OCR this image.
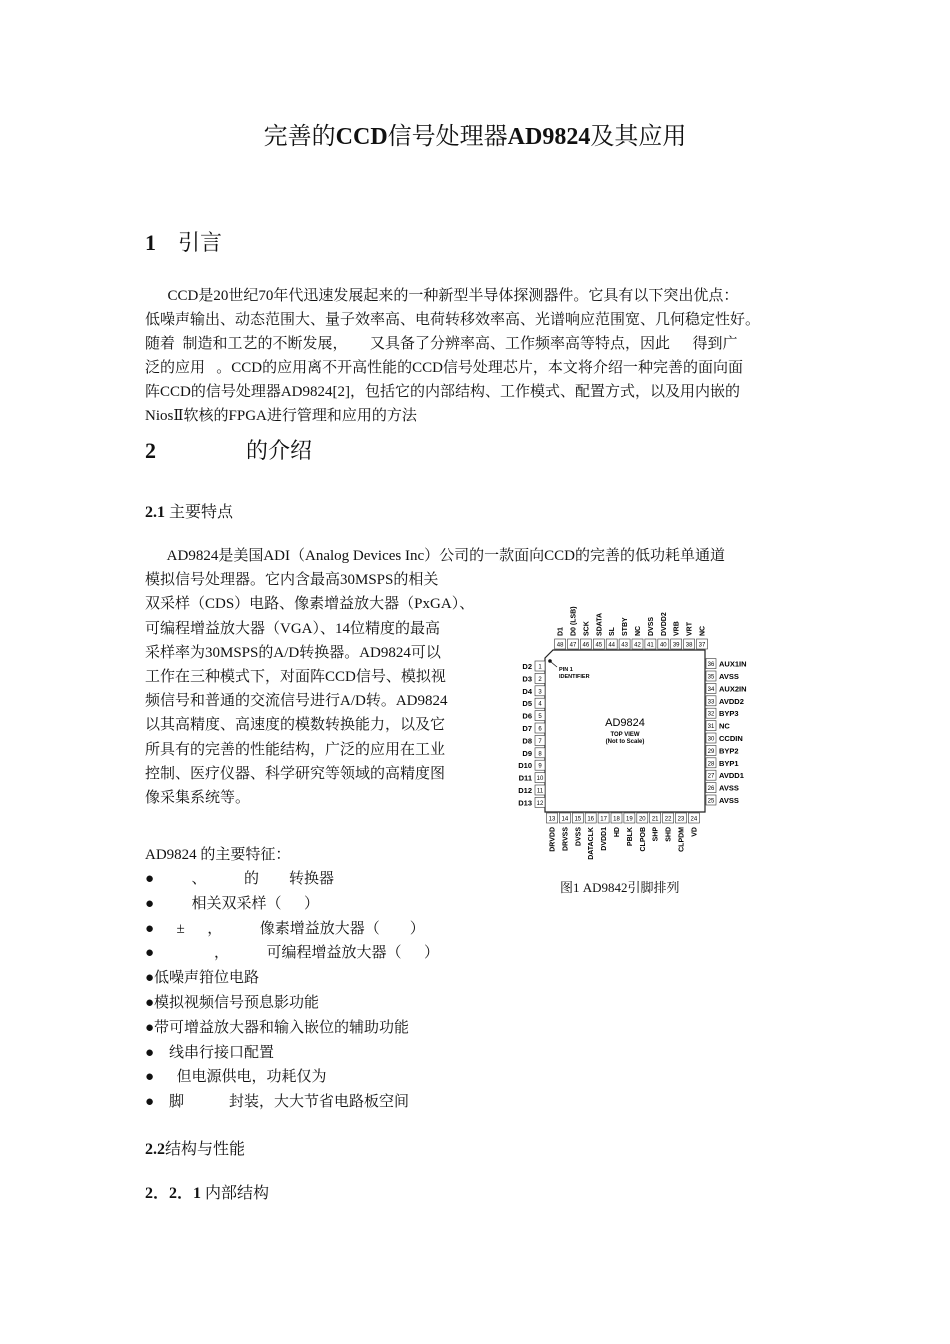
完善的CCD信号处理器AD9824及其应用
1 引言
CCD是20世纪70年代迅速发展起来的一种新型半导体探测器件。它具有以下突出优点：
低噪声输出、动态范围大、量子效率高、电荷转移效率高、光谱响应范围宽、几何稳定性好。
随着  制造和工艺的不断发展，      又具备了分辨率高、工作频率高等特点，因此      得到广
泛的应用   。CCD的应用离不开高性能的CCD信号处理芯片，本文将介绍一种完善的面向面
阵CCD的信号处理器AD9824[2]，包括它的内部结构、工作模式、配置方式，以及用内嵌的
NiosⅡ软核的FPGA进行管理和应用的方法
2	的介绍
2.1 主要特点
AD9824是美国ADI（Analog Devices Inc）公司的一款面向CCD的完善的低功耗单通道
模拟信号处理器。它内含最高30MSPS的相关
双采样（CDS）电路、像素增益放大器（PxGA）、
可编程增益放大器（VGA）、14位精度的最高
采样率为30MSPS的A/D转换器。AD9824可以
工作在三种模式下，对面阵CCD信号、模拟视
频信号和普通的交流信号进行A/D转。AD9824
以其高精度、高速度的模数转换能力，以及它
所具有的完善的性能结构，广泛的应用在工业
控制、医疗仪器、科学研究等领域的高精度图
像采集系统等。
AD9824 的主要特征：
●          、          的        转换器
●          相关双采样（      ）
●      ±      ，          像素增益放大器（        ）
●                ，          可编程增益放大器（      ）
●低噪声箝位电路
●模拟视频信号预息影功能
●带可增益放大器和输入嵌位的辅助功能
●    线串行接口配置
●      但电源供电，功耗仅为
●    脚            封装，大大节省电路板空间
2.2结构与性能
2．2．1 内部结构
PIN 1
IDENTIFIER
AD9824
TOP VIEW
(Not to Scale)
1
D2
2
D3
3
D4
4
D5
5
D6
6
D7
7
D8
8
D9
9
D10
10
D11
11
D12
12
D13	25 AVSS
26 AVSS
27 AVDD1
28 BYP1
29 BYP2
30 CCDIN
31 NC
32 BYP3
33 AVDD2
34 AUX2IN
35 AVSS
36 AUX1IN
13
DRVDD
14
DRVSS
15
DVSS
16
DATACLK
17
DVDD1
18
HD
19
PBLK
20
CLPOB
21
SHP
22
SHD
23
CLPDM
24
VD
37
NC
38
VRT
39
VRB
40
DVDD2
41
DVSS
42
NC
43
STBY
44
SL
45
SDATA
46
SCK
47
D0 (LSB)
48
D1
图1 AD9842引脚排列
